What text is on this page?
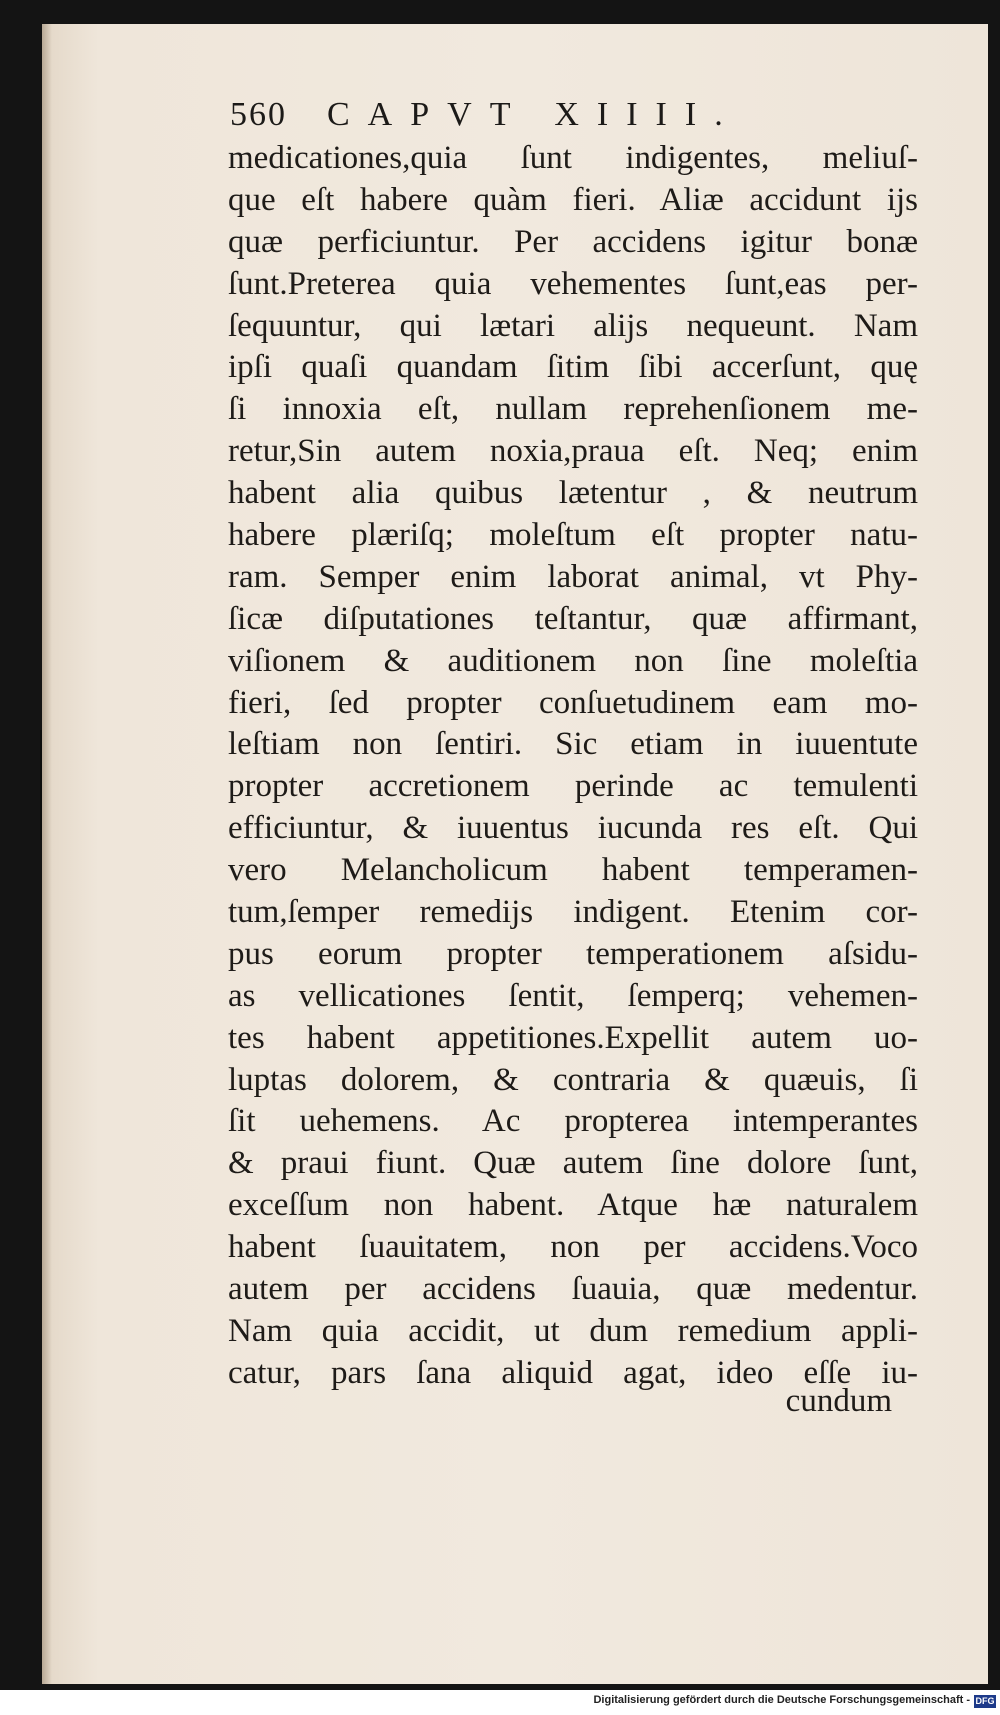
560 CAPVT XIIII.
medicationes,quia ſunt indigentes, meliuſ-
que eſt habere quàm fieri. Aliæ accidunt ijs
quæ perficiuntur. Per accidens igitur bonæ
ſunt.Preterea quia vehementes ſunt,eas per-
ſequuntur, qui lætari alijs nequeunt. Nam
ipſi quaſi quandam ſitim ſibi accerſunt, quę
ſi innoxia eſt, nullam reprehenſionem me-
retur,Sin autem noxia,praua eſt. Neq; enim
habent alia quibus lætentur , & neutrum
habere plæriſq; moleſtum eſt propter natu-
ram. Semper enim laborat animal, vt Phy-
ſicæ diſputationes teſtantur, quæ affirmant,
viſionem & auditionem non ſine moleſtia
fieri, ſed propter conſuetudinem eam mo-
leſtiam non ſentiri. Sic etiam in iuuentute
propter accretionem perinde ac temulenti
efficiuntur, & iuuentus iucunda res eſt. Qui
vero Melancholicum habent temperamen-
tum,ſemper remedijs indigent. Etenim cor-
pus eorum propter temperationem aſsidu-
as vellicationes ſentit, ſemperq; vehemen-
tes habent appetitiones.Expellit autem uo-
luptas dolorem, & contraria & quæuis, ſi
ſit uehemens. Ac propterea intemperantes
& praui fiunt. Quæ autem ſine dolore ſunt,
exceſſum non habent. Atque hæ naturalem
habent ſuauitatem, non per accidens.Voco
autem per accidens ſuauia, quæ medentur.
Nam quia accidit, ut dum remedium appli-
catur, pars ſana aliquid agat, ideo eſſe iu-
cundum
Digitalisierung gefördert durch die Deutsche Forschungsgemeinschaft - DFG
